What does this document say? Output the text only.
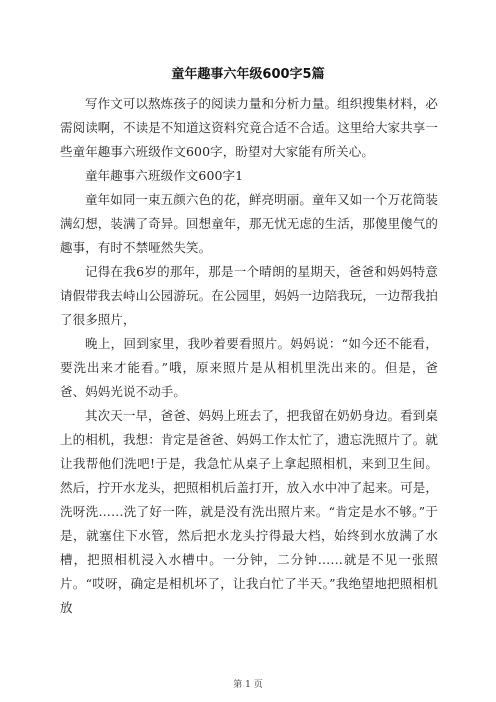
童年趣事六年级600字5篇

写作文可以熬炼孩子的阅读力量和分析力量。组织搜集材料，必需阅读啊，不读是不知道这资料究竟合适不合适。这里给大家共享一些童年趣事六班级作文600字，盼望对大家能有所关心。

童年趣事六班级作文600字1

童年如同一束五颜六色的花，鲜亮明丽。童年又如一个万花筒装满幻想，装满了奇异。回想童年，那无忧无虑的生活，那傻里傻气的趣事，有时不禁哑然失笑。

记得在我6岁的那年，那是一个晴朗的星期天，爸爸和妈妈特意请假带我去峙山公园游玩。在公园里，妈妈一边陪我玩，一边帮我拍了很多照片，

晚上，回到家里，我吵着要看照片。妈妈说：“如今还不能看，要洗出来才能看。”哦，原来照片是从相机里洗出来的。但是，爸爸、妈妈光说不动手。

其次天一早，爸爸、妈妈上班去了，把我留在奶奶身边。看到桌上的相机，我想：肯定是爸爸、妈妈工作太忙了，遗忘洗照片了。就让我帮他们洗吧!于是，我急忙从桌子上拿起照相机，来到卫生间。然后，拧开水龙头，把照相机后盖打开，放入水中冲了起来。可是，洗呀洗……洗了好一阵，就是没有洗出照片来。“肯定是水不够。”于是，就塞住下水管，然后把水龙头拧得最大档，始终到水放满了水槽，把照相机浸入水槽中。一分钟，二分钟……就是不见一张照片。“哎呀，确定是相机坏了，让我白忙了半天。”我绝望地把照相机放

第 1 页
